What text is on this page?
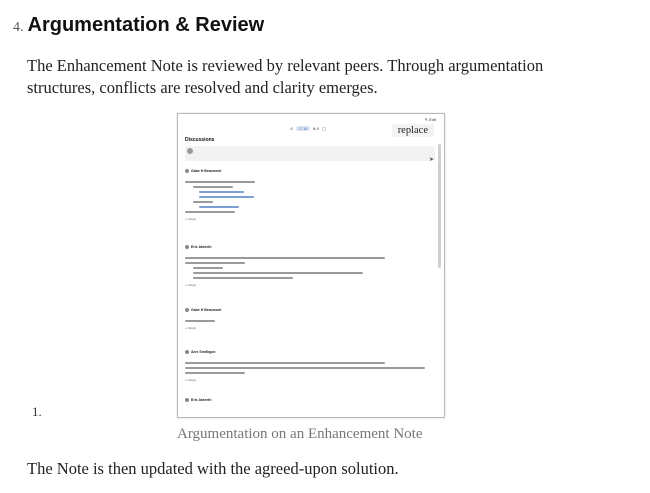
4. Argumentation & Review
The Enhancement Note is reviewed by relevant peers. Through argumentation structures, conflicts are resolved and clarity emerges.
✎ Edit
⊙	☐ 10	⊕ 6 ▢	replace
Discussions
➤
Gabe H Beaumont
↩ Reply
Eric Atwerth
↩ Reply
Gabe H Beaumont
↩ Reply
Alex Smithgon
↩ Reply
Eric Atwerth
1.
Argumentation on an Enhancement Note
The Note is then updated with the agreed-upon solution.
